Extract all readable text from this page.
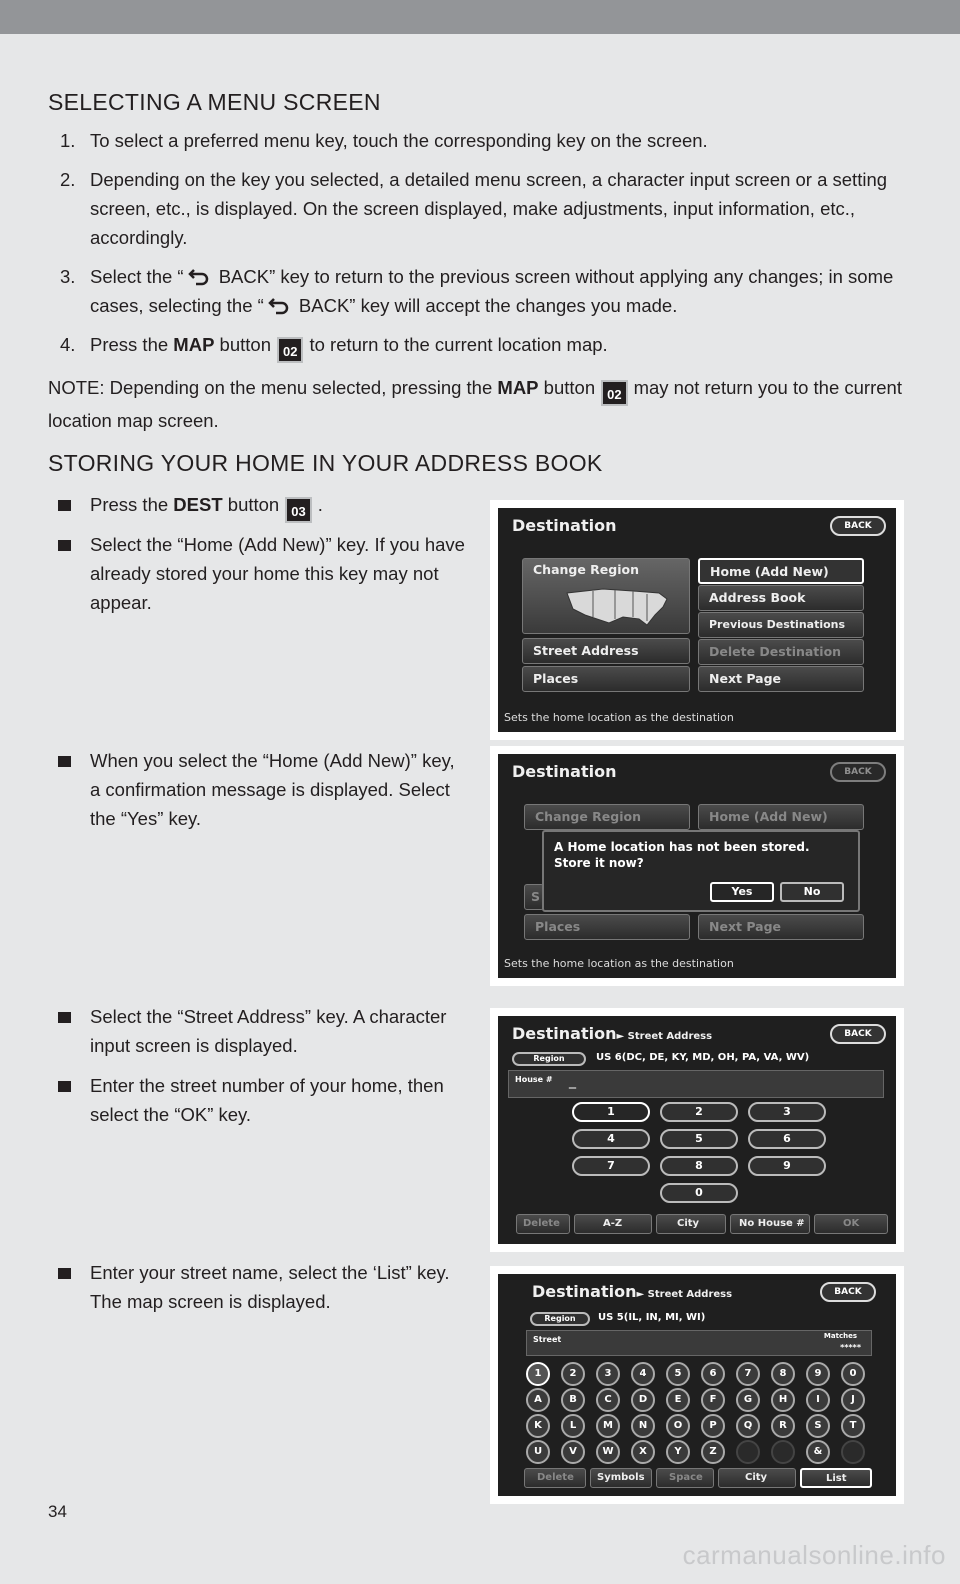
SELECTING A MENU SCREEN
1. To select a preferred menu key, touch the corresponding key on the screen.
2. Depending on the key you selected, a detailed menu screen, a character input screen or a setting screen, etc., is displayed. On the screen displayed, make adjustments, input information, etc., accordingly.
3. Select the “ BACK” key to return to the previous screen without applying any changes; in some cases, selecting the “ BACK” key will accept the changes you made.
4. Press the MAP button 02 to return to the current location map.
NOTE: Depending on the menu selected, pressing the MAP button 02 may not return you to the current location map screen.
STORING YOUR HOME IN YOUR ADDRESS BOOK
Press the DEST button 03 .
Select the “Home (Add New)” key. If you have already stored your home this key may not appear.
When you select the “Home (Add New)” key, a confirmation message is displayed. Select the “Yes” key.
Select the “Street Address” key. A character input screen is displayed.
Enter the street number of your home, then select the “OK” key.
Enter your street name, select the ‘List” key. The map screen is displayed.
Destination	BACK
Change Region
Street Address
Places
Home (Add New)
Address Book
Previous Destinations
Delete Destination
Next Page
Sets the home location as the destination
Destination	BACK
Change Region	Home (Add New)
S
Places	Next Page
A Home location has not been stored.
Store it now?
Yes	No
Sets the home location as the destination
Destination► Street Address	BACK
Region	US 6(DC, DE, KY, MD, OH, PA, VA, WV)
House # _
1	2	3
4	5	6
7	8	9
0
Delete	A-Z	City	No House #	OK
Destination► Street Address	BACK
Region	US 5(IL, IN, MI, WI)
Street	Matches
*****
1	2	3	4	5	6	7	8	9	0
A	B	C	D	E	F	G	H	I	J
K	L	M	N	O	P	Q	R	S	T
U	V	W	X	Y	Z	&
Delete	Symbols	Space	City	List
34
carmanualsonline.info
